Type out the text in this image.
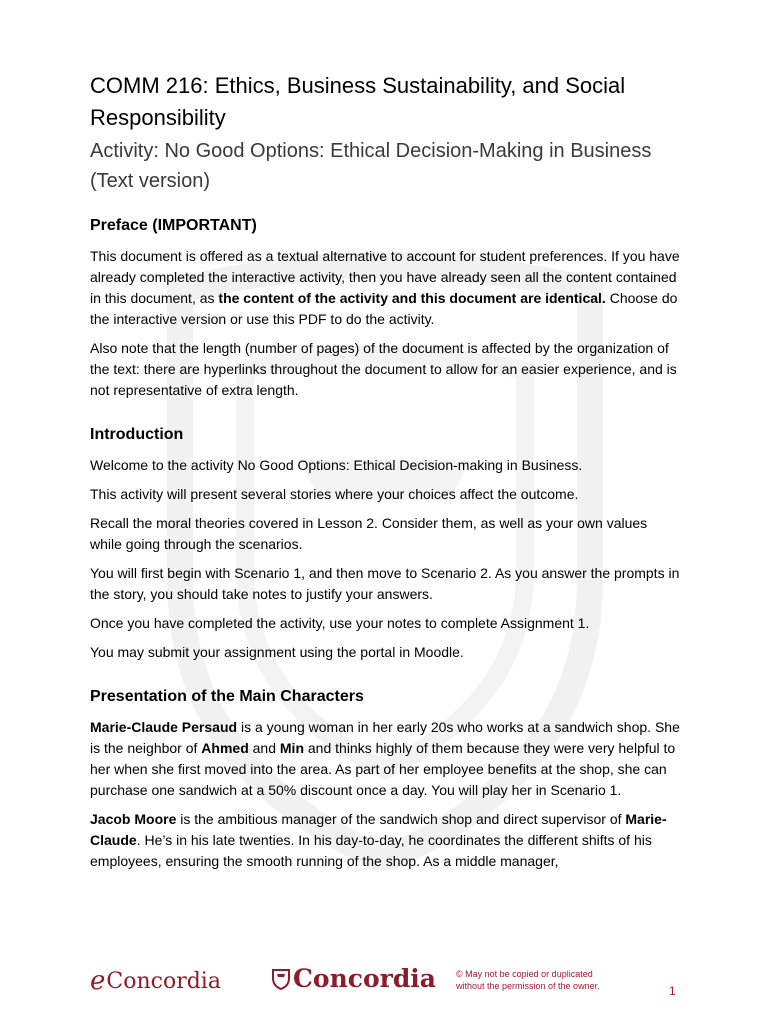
COMM 216: Ethics, Business Sustainability, and Social Responsibility
Activity: No Good Options: Ethical Decision-Making in Business (Text version)
Preface (IMPORTANT)

This document is offered as a textual alternative to account for student preferences. If you have already completed the interactive activity, then you have already seen all the content contained in this document, as the content of the activity and this document are identical. Choose do the interactive version or use this PDF to do the activity.

Also note that the length (number of pages) of the document is affected by the organization of the text: there are hyperlinks throughout the document to allow for an easier experience, and is not representative of extra length.

Introduction

Welcome to the activity No Good Options: Ethical Decision-making in Business.

This activity will present several stories where your choices affect the outcome.

Recall the moral theories covered in Lesson 2. Consider them, as well as your own values while going through the scenarios.

You will first begin with Scenario 1, and then move to Scenario 2. As you answer the prompts in the story, you should take notes to justify your answers.

Once you have completed the activity, use your notes to complete Assignment 1.

You may submit your assignment using the portal in Moodle.

Presentation of the Main Characters

Marie-Claude Persaud is a young woman in her early 20s who works at a sandwich shop. She is the neighbor of Ahmed and Min and thinks highly of them because they were very helpful to her when she first moved into the area. As part of her employee benefits at the shop, she can purchase one sandwich at a 50% discount once a day. You will play her in Scenario 1.

Jacob Moore is the ambitious manager of the sandwich shop and direct supervisor of Marie-Claude. He’s in his late twenties. In his day-to-day, he coordinates the different shifts of his employees, ensuring the smooth running of the shop. As a middle manager,

e Concordia	Concordia © May not be copied or duplicated
without the permission of the owner.	1
